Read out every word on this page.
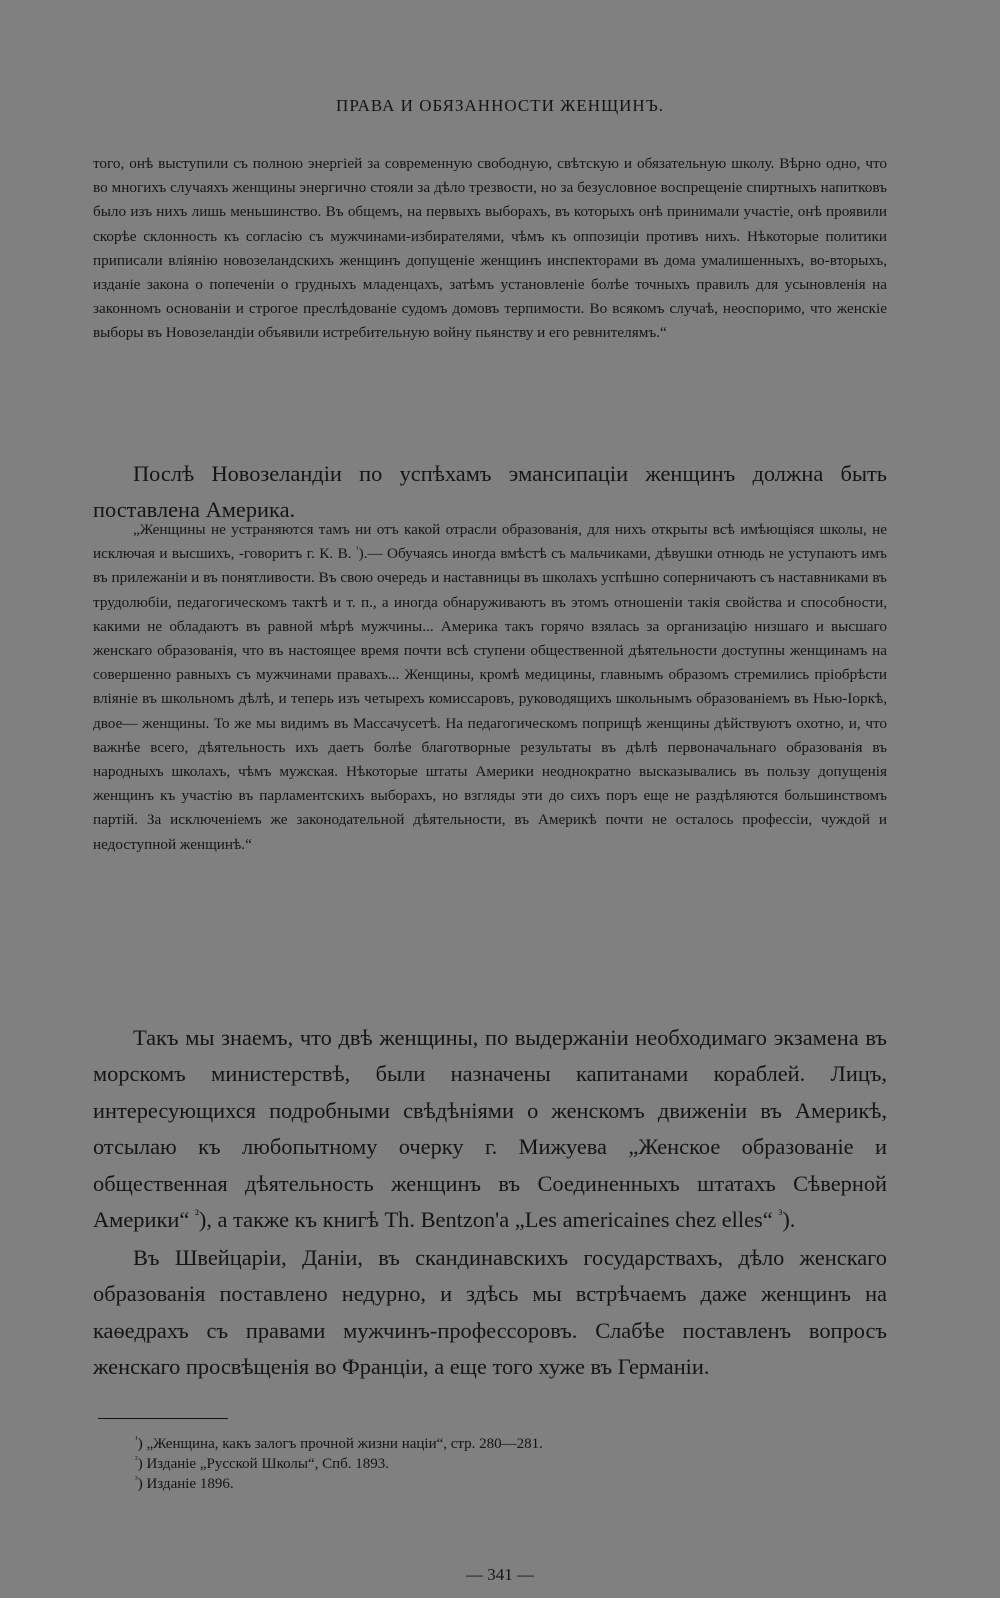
ПРАВА И ОБЯЗАННОСТИ ЖЕНЩИНЪ.
того, онѣ выступили съ полною энергіей за современную свободную, свѣтскую и обязательную школу. Вѣрно одно, что во многихъ случаяхъ женщины энергично стояли за дѣло трезвости, но за безусловное воспрещеніе спиртныхъ напитковъ было изъ нихъ лишь меньшинство. Въ общемъ, на первыхъ выборахъ, въ которыхъ онѣ принимали участіе, онѣ проявили скорѣе склонность къ согласію съ мужчинами-избирателями, чѣмъ къ оппозиціи противъ нихъ. Нѣкоторые политики приписали вліянію новозеландскихъ женщинъ допущеніе женщинъ инспекторами въ дома умалишенныхъ, во-вторыхъ, изданіе закона о попеченіи о грудныхъ младенцахъ, затѣмъ установленіе болѣе точныхъ правилъ для усыновленія на законномъ основаніи и строгое преслѣдованіе судомъ домовъ терпимости. Во всякомъ случаѣ, неоспоримо, что женскіе выборы въ Новозеландіи объявили истребительную войну пьянству и его ревнителямъ.“
Послѣ Новозеландіи по успѣхамъ эмансипаціи женщинъ должна быть поставлена Америка.
„Женщины не устраняются тамъ ни отъ какой отрасли образованія, для нихъ открыты всѣ имѣющіяся школы, не исключая и высшихъ, -говоритъ г. К. В. $^{^1}$).— Обучаясь иногда вмѣстѣ съ мальчиками, дѣвушки отнюдь не уступаютъ имъ въ прилежаніи и въ понятливости. Въ свою очередь и наставницы въ школахъ успѣшно соперничаютъ съ наставниками въ трудолюбіи, педагогическомъ тактѣ и т. п., а иногда обнаруживаютъ въ этомъ отношеніи такія свойства и способности, какими не обладаютъ въ равной мѣрѣ мужчины... Америка такъ горячо взялась за организацію низшаго и высшаго женскаго образованія, что въ настоящее время почти всѣ ступени общественной дѣятельности доступны женщинамъ на совершенно равныхъ съ мужчинами правахъ... Женщины, кромѣ медицины, главнымъ образомъ стремились пріобрѣсти вліяніе въ школьномъ дѣлѣ, и теперь изъ четырехъ комиссаровъ, руководящихъ школьнымъ образованіемъ въ Нью-Іоркѣ, двое— женщины. То же мы видимъ въ Массачусетѣ. На педагогическомъ поприщѣ женщины дѣйствуютъ охотно, и, что важнѣе всего, дѣятельность ихъ даетъ болѣе благотворные результаты въ дѣлѣ первоначальнаго образованія въ народныхъ школахъ, чѣмъ мужская. Нѣкоторые штаты Америки неоднократно высказывались въ пользу допущенія женщинъ къ участію въ парламентскихъ выборахъ, но взгляды эти до сихъ поръ еще не раздѣляются большинствомъ партій. За исключеніемъ же законодательной дѣятельности, въ Америкѣ почти не осталось профессіи, чуждой и недоступной женщинѣ.“
Такъ мы знаемъ, что двѣ женщины, по выдержаніи необходимаго экзамена въ морскомъ министерствѣ, были назначены капитанами кораблей. Лицъ, интересующихся подробными свѣдѣніями о женскомъ движеніи въ Америкѣ, отсылаю къ любопытному очерку г. Мижуева „Женское образованіе и общественная дѣятельность женщинъ въ Соединенныхъ штатахъ Сѣверной Америки“ $^{^2}$), а также къ книгѣ Th. Bentzon'a „Les americaines chez elles“ $^{^3}$).
Въ Швейцаріи, Даніи, въ скандинавскихъ государствахъ, дѣло женскаго образованія поставлено недурно, и здѣсь мы встрѣчаемъ даже женщинъ на каѳедрахъ съ правами мужчинъ-профессоровъ. Слабѣе поставленъ вопросъ женскаго просвѣщенія во Франціи, а еще того хуже въ Германіи.
$^{^1}$) „Женщина, какъ залогъ прочной жизни націи“, стр. 280—281.
$^{^2}$) Изданіе „Русской Школы“, Спб. 1893.
$^{^3}$) Изданіе 1896.
— 341 —
